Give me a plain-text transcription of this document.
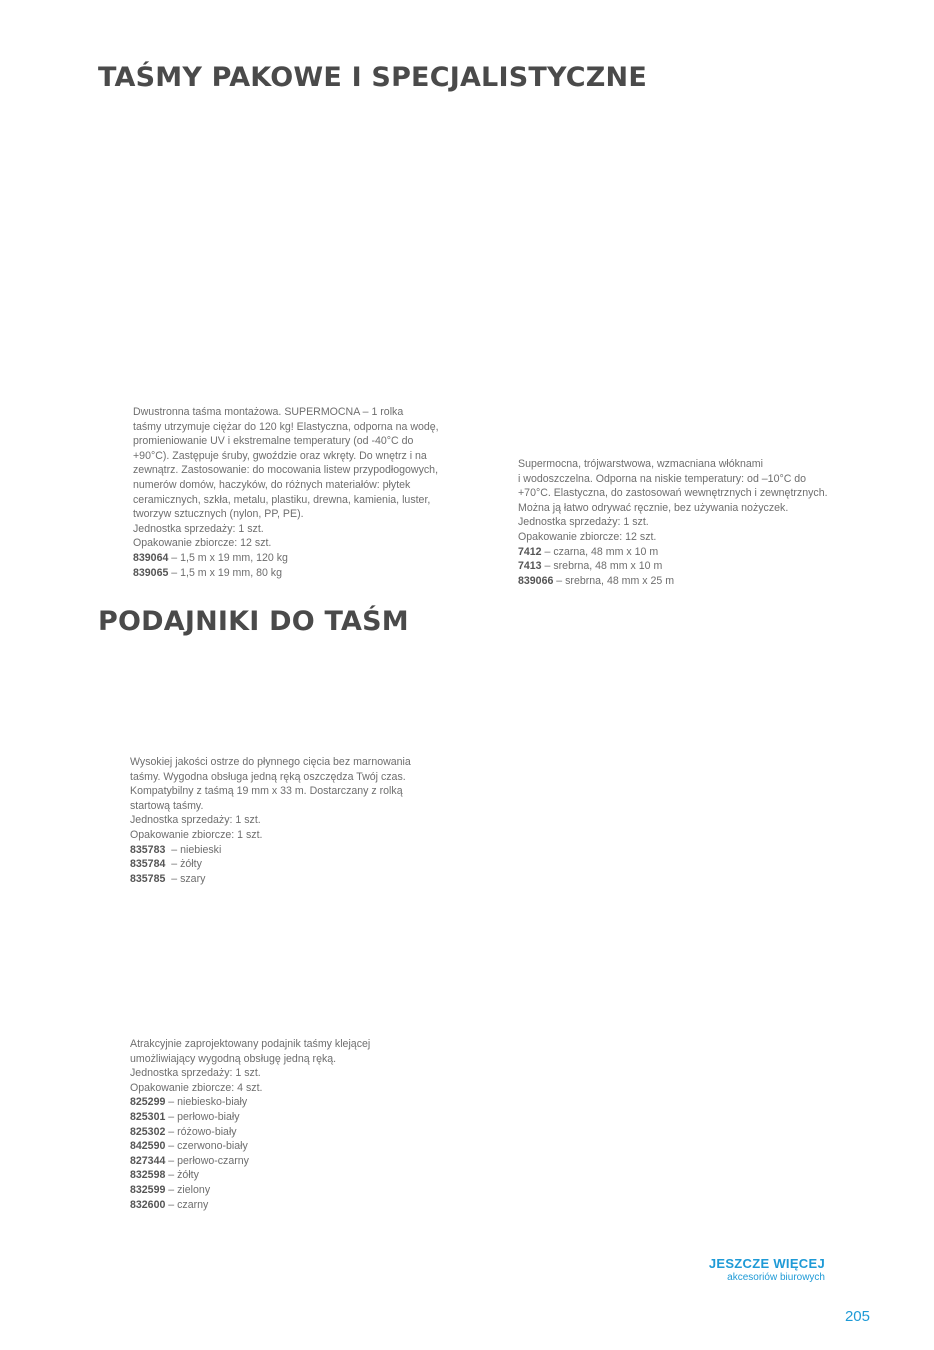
TAŚMY PAKOWE I SPECJALISTYCZNE

Dwustronna taśma montażowa. SUPERMOCNA – 1 rolka
taśmy utrzymuje ciężar do 120 kg! Elastyczna, odporna na wodę,
promieniowanie UV i ekstremalne temperatury (od -40°C do
+90°C). Zastępuje śruby, gwoździe oraz wkręty. Do wnętrz i na
zewnątrz. Zastosowanie: do mocowania listew przypodłogowych,
numerów domów, haczyków, do różnych materiałów: płytek
ceramicznych, szkła, metalu, plastiku, drewna, kamienia, luster,
tworzyw sztucznych (nylon, PP, PE).

Jednostka sprzedaży: 1 szt.

Opakowanie zbiorcze: 12 szt.

839064 – 1,5 m x 19 mm, 120 kg
839065 – 1,5 m x 19 mm, 80 kg

Supermocna, trójwarstwowa, wzmacniana włóknami
i wodoszczelna. Odporna na niskie temperatury: od –10°C do
+70°C. Elastyczna, do zastosowań wewnętrznych i zewnętrznych.
Można ją łatwo odrywać ręcznie, bez używania nożyczek.

Jednostka sprzedaży: 1 szt.

Opakowanie zbiorcze: 12 szt.

7412 – czarna, 48 mm x 10 m
7413 – srebrna, 48 mm x 10 m
839066 – srebrna, 48 mm x 25 m
PODAJNIKI DO TAŚM

Wysokiej jakości ostrze do płynnego cięcia bez marnowania
taśmy. Wygodna obsługa jedną ręką oszczędza Twój czas.
Kompatybilny z taśmą 19 mm x 33 m. Dostarczany z rolką
startową taśmy.

Jednostka sprzedaży: 1 szt.

Opakowanie zbiorcze: 1 szt.

835783  – niebieski
835784  – żółty
835785  – szary

Atrakcyjnie zaprojektowany podajnik taśmy klejącej
umożliwiający wygodną obsługę jedną ręką.

Jednostka sprzedaży: 1 szt.

Opakowanie zbiorcze: 4 szt.

825299 – niebiesko-biały
825301 – perłowo-biały
825302 – różowo-biały
842590 – czerwono-biały
827344 – perłowo-czarny
832598 – żółty
832599 – zielony
832600 – czarny
JESZCZE WIĘCEJ
akcesoriów biurowych
205
